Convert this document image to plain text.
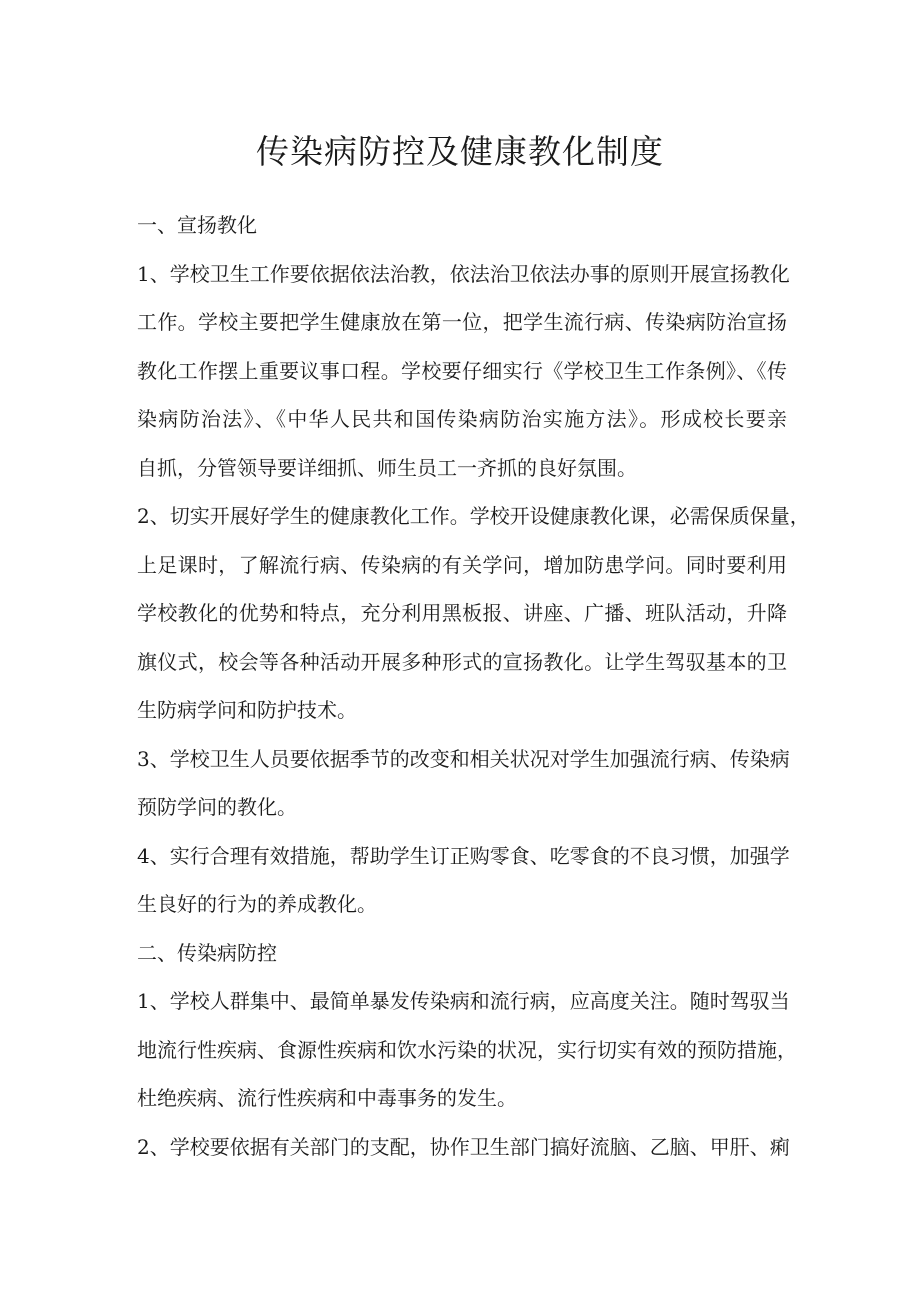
传染病防控及健康教化制度
一、宣扬教化
1、学校卫生工作要依据依法治教，依法治卫依法办事的原则开展宣扬教化
工作。学校主要把学生健康放在第一位，把学生流行病、传染病防治宣扬
教化工作摆上重要议事口程。学校要仔细实行《学校卫生工作条例》、《传
染病防治法》、《中华人民共和国传染病防治实施方法》。形成校长要亲
自抓，分管领导要详细抓、师生员工一齐抓的良好氛围。
2、切实开展好学生的健康教化工作。学校开设健康教化课，必需保质保量，
上足课时，了解流行病、传染病的有关学问，增加防患学问。同时要利用
学校教化的优势和特点，充分利用黑板报、讲座、广播、班队活动，升降
旗仪式，校会等各种活动开展多种形式的宣扬教化。让学生驾驭基本的卫
生防病学问和防护技术。
3、学校卫生人员要依据季节的改变和相关状况对学生加强流行病、传染病
预防学问的教化。
4、实行合理有效措施，帮助学生订正购零食、吃零食的不良习惯，加强学
生良好的行为的养成教化。
二、传染病防控
1、学校人群集中、最简单暴发传染病和流行病，应高度关注。随时驾驭当
地流行性疾病、食源性疾病和饮水污染的状况，实行切实有效的预防措施，
杜绝疾病、流行性疾病和中毒事务的发生。
2、学校要依据有关部门的支配，协作卫生部门搞好流脑、乙脑、甲肝、痢
